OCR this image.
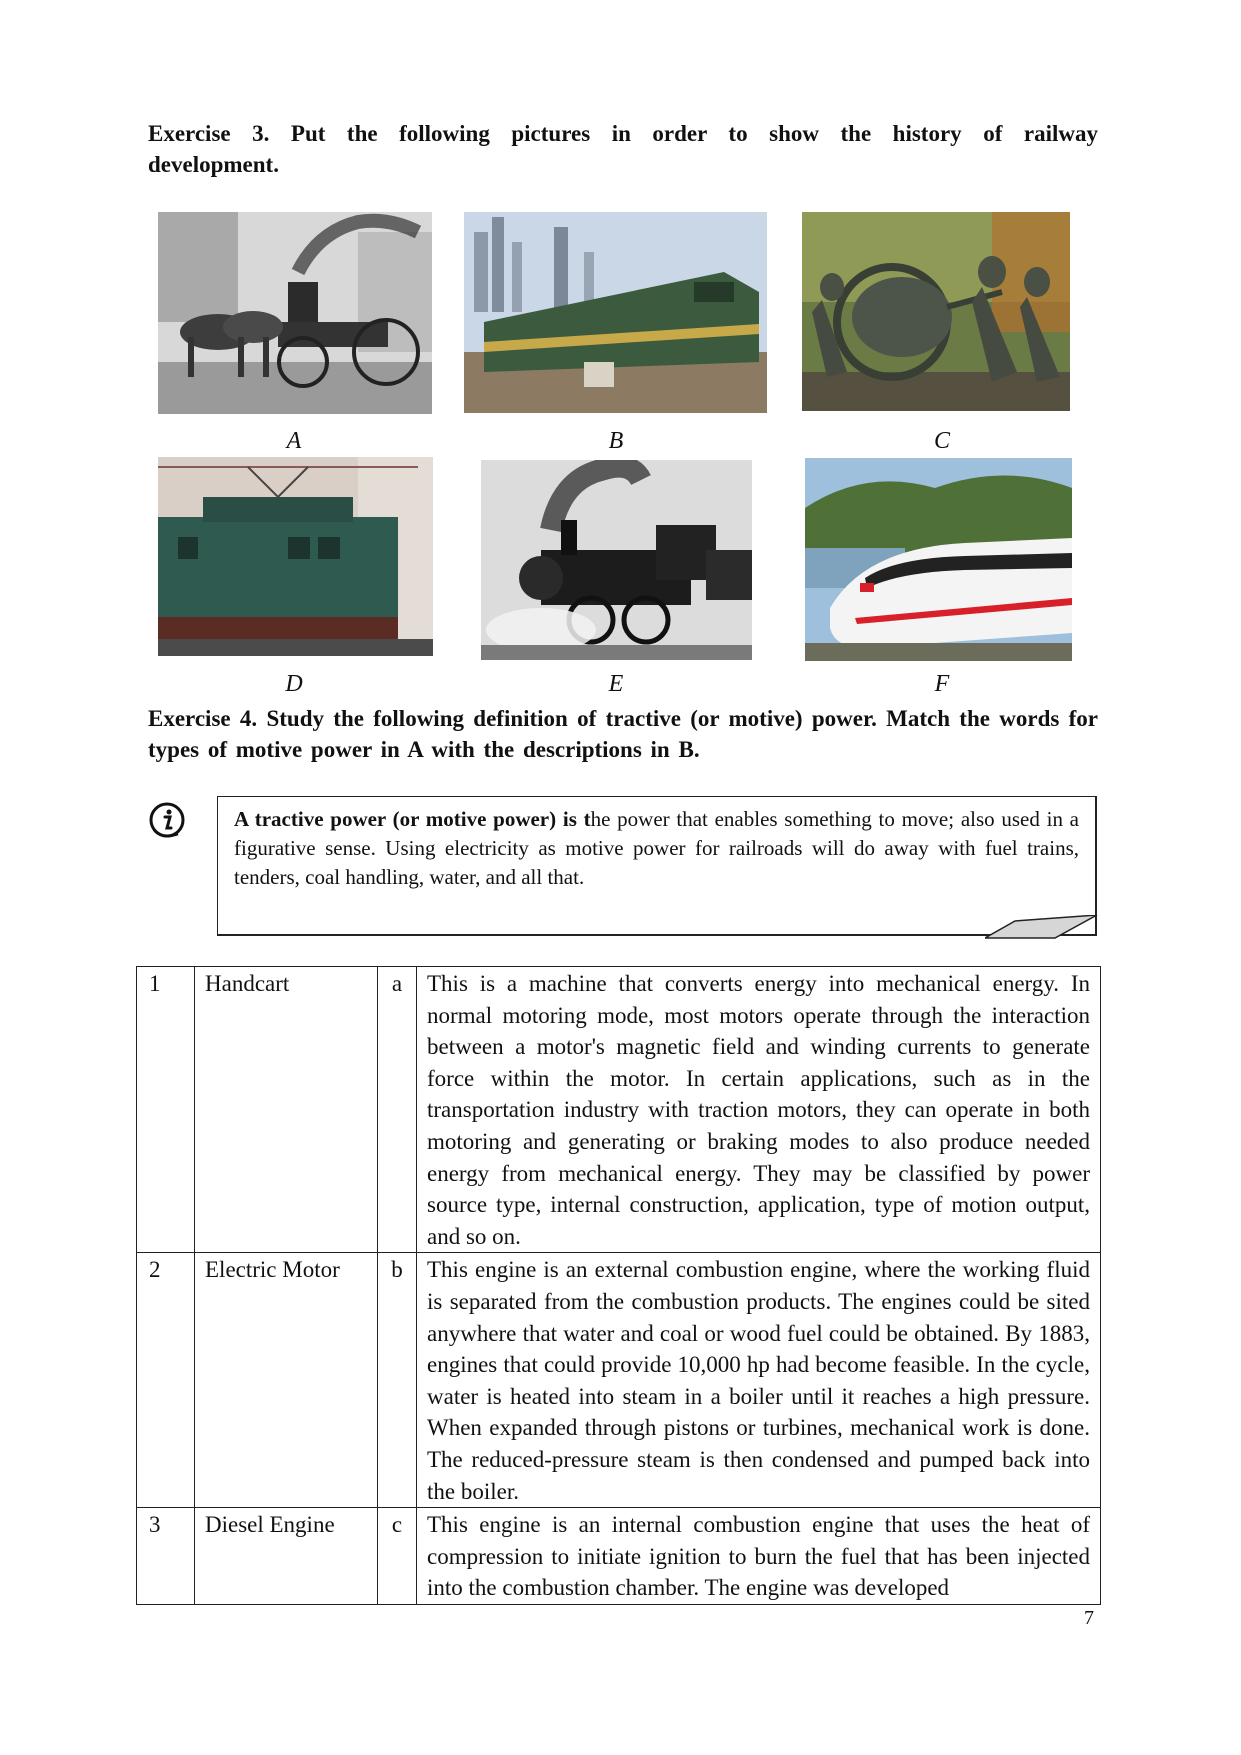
Exercise 3. Put the following pictures in order to show the history of railway development.
A	B	C
D	E	F
Exercise 4. Study the following definition of tractive (or motive) power. Match the words for types of motive power in A with the descriptions in B.
A tractive power (or motive power) is the power that enables something to move; also used in a figurative sense. Using electricity as motive power for railroads will do away with fuel trains, tenders, coal handling, water, and all that.
1	Handcart	a	This is a machine that converts energy into mechanical energy. In normal motoring mode, most motors operate through the interaction between a motor's magnetic field and winding currents to generate force within the motor. In certain applications, such as in the transportation industry with traction motors, they can operate in both motoring and generating or braking modes to also produce needed energy from mechanical energy. They may be classified by power source type, internal construction, application, type of motion output, and so on.
2	Electric Motor	b	This engine is an external combustion engine, where the working fluid is separated from the combustion products. The engines could be sited anywhere that water and coal or wood fuel could be obtained. By 1883, engines that could provide 10,000 hp had become feasible. In the cycle, water is heated into steam in a boiler until it reaches a high pressure. When expanded through pistons or turbines, mechanical work is done. The reduced-pressure steam is then condensed and pumped back into the boiler.
3	Diesel Engine	c	This engine is an internal combustion engine that uses the heat of compression to initiate ignition to burn the fuel that has been injected into the combustion chamber. The engine was developed
7
